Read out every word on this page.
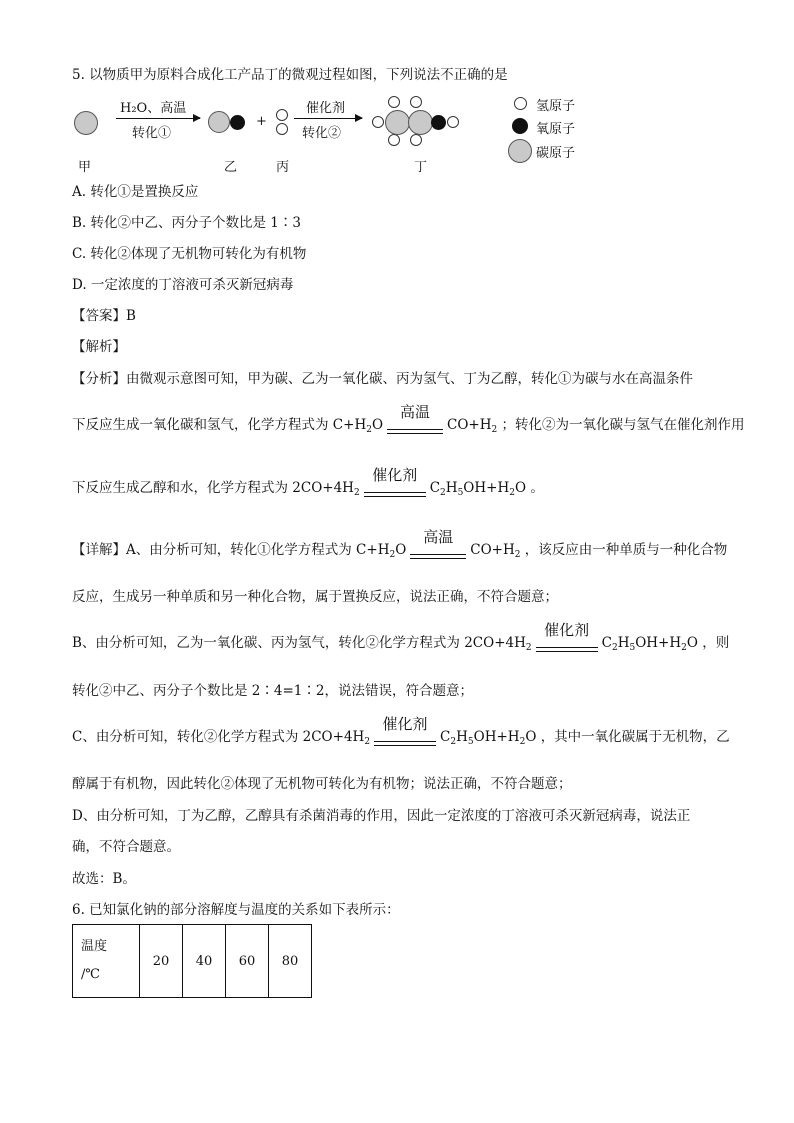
5. 以物质甲为原料合成化工产品丁的微观过程如图，下列说法不正确的是
H₂O、高温
转化①
+
催化剂
转化②
氢原子
氧原子
碳原子
甲	乙	丙	丁
A. 转化①是置换反应
B. 转化②中乙、丙分子个数比是 1∶3
C. 转化②体现了无机物可转化为有机物
D. 一定浓度的丁溶液可杀灭新冠病毒
【答案】B
【解析】
【分析】由微观示意图可知，甲为碳、乙为一氧化碳、丙为氢气、丁为乙醇，转化①为碳与水在高温条件
下反应生成一氧化碳和氢气，化学方程式为 $C+H_2O$
高温
$CO+H_2$ ；转化②为一氧化碳与氢气在催化剂作用
下反应生成乙醇和水，化学方程式为 $2CO+4H_2$
催化剂
$C_2H_5OH+H_2O$ 。
【详解】A、由分析可知，转化①化学方程式为 $C+H_2O$
高温
$CO+H_2$ ，该反应由一种单质与一种化合物
反应，生成另一种单质和另一种化合物，属于置换反应，说法正确，不符合题意；
B、由分析可知，乙为一氧化碳、丙为氢气，转化②化学方程式为 $2CO+4H_2$
催化剂
$C_2H_5OH+H_2O$ ，则
转化②中乙、丙分子个数比是 2∶4=1∶2，说法错误，符合题意；
C、由分析可知，转化②化学方程式为 $2CO+4H_2$
催化剂
$C_2H_5OH+H_2O$ ，其中一氧化碳属于无机物，乙
醇属于有机物，因此转化②体现了无机物可转化为有机物；说法正确，不符合题意；
D、由分析可知，丁为乙醇，乙醇具有杀菌消毒的作用，因此一定浓度的丁溶液可杀灭新冠病毒，说法正
确，不符合题意。
故选：B。
6. 已知氯化钠的部分溶解度与温度的关系如下表所示：
温度
/℃
	20	40	60	80
